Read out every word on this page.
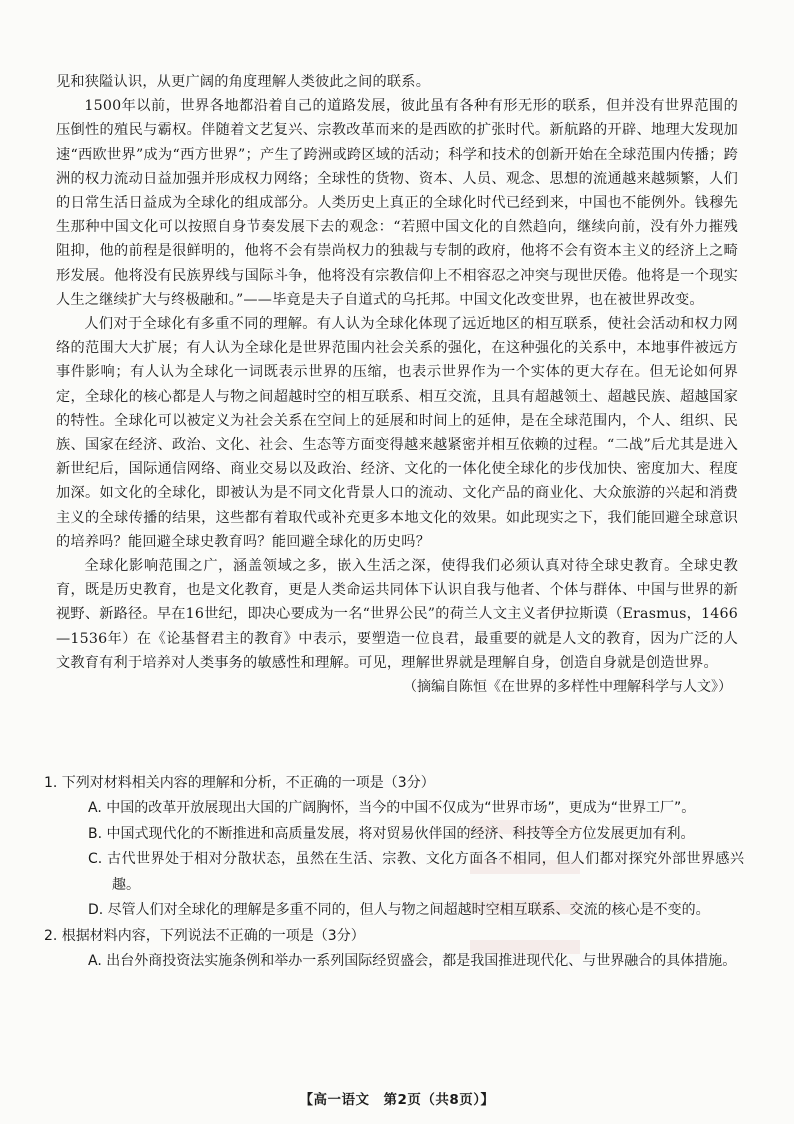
见和狭隘认识，从更广阔的角度理解人类彼此之间的联系。

1500年以前，世界各地都沿着自己的道路发展，彼此虽有各种有形无形的联系，但并没有世界范围的压倒性的殖民与霸权。伴随着文艺复兴、宗教改革而来的是西欧的扩张时代。新航路的开辟、地理大发现加速“西欧世界”成为“西方世界”；产生了跨洲或跨区域的活动；科学和技术的创新开始在全球范围内传播；跨洲的权力流动日益加强并形成权力网络；全球性的货物、资本、人员、观念、思想的流通越来越频繁，人们的日常生活日益成为全球化的组成部分。人类历史上真正的全球化时代已经到来，中国也不能例外。钱穆先生那种中国文化可以按照自身节奏发展下去的观念：“若照中国文化的自然趋向，继续向前，没有外力摧残阻抑，他的前程是很鲜明的，他将不会有崇尚权力的独裁与专制的政府，他将不会有资本主义的经济上之畸形发展。他将没有民族界线与国际斗争，他将没有宗教信仰上不相容忍之冲突与现世厌倦。他将是一个现实人生之继续扩大与终极融和。”——毕竟是夫子自道式的乌托邦。中国文化改变世界，也在被世界改变。

人们对于全球化有多重不同的理解。有人认为全球化体现了远近地区的相互联系，使社会活动和权力网络的范围大大扩展；有人认为全球化是世界范围内社会关系的强化，在这种强化的关系中，本地事件被远方事件影响；有人认为全球化一词既表示世界的压缩，也表示世界作为一个实体的更大存在。但无论如何界定，全球化的核心都是人与物之间超越时空的相互联系、相互交流，且具有超越领土、超越民族、超越国家的特性。全球化可以被定义为社会关系在空间上的延展和时间上的延伸，是在全球范围内，个人、组织、民族、国家在经济、政治、文化、社会、生态等方面变得越来越紧密并相互依赖的过程。“二战”后尤其是进入新世纪后，国际通信网络、商业交易以及政治、经济、文化的一体化使全球化的步伐加快、密度加大、程度加深。如文化的全球化，即被认为是不同文化背景人口的流动、文化产品的商业化、大众旅游的兴起和消费主义的全球传播的结果，这些都有着取代或补充更多本地文化的效果。如此现实之下，我们能回避全球意识的培养吗？能回避全球史教育吗？能回避全球化的历史吗？

全球化影响范围之广，涵盖领域之多，嵌入生活之深，使得我们必须认真对待全球史教育。全球史教育，既是历史教育，也是文化教育，更是人类命运共同体下认识自我与他者、个体与群体、中国与世界的新视野、新路径。早在16世纪，即决心要成为一名“世界公民”的荷兰人文主义者伊拉斯谟（Erasmus，1466—1536年）在《论基督君主的教育》中表示，要塑造一位良君，最重要的就是人文的教育，因为广泛的人文教育有利于培养对人类事务的敏感性和理解。可见，理解世界就是理解自身，创造自身就是创造世界。

（摘编自陈恒《在世界的多样性中理解科学与人文》）

1. 下列对材料相关内容的理解和分析，不正确的一项是（3分）

A. 中国的改革开放展现出大国的广阔胸怀，当今的中国不仅成为“世界市场”，更成为“世界工厂”。

B. 中国式现代化的不断推进和高质量发展，将对贸易伙伴国的经济、科技等全方位发展更加有利。

C. 古代世界处于相对分散状态，虽然在生活、宗教、文化方面各不相同，但人们都对探究外部世界感兴趣。

D. 尽管人们对全球化的理解是多重不同的，但人与物之间超越时空相互联系、交流的核心是不变的。

2. 根据材料内容，下列说法不正确的一项是（3分）

A. 出台外商投资法实施条例和举办一系列国际经贸盛会，都是我国推进现代化、与世界融合的具体措施。

【高一语文　第2页（共8页）】
